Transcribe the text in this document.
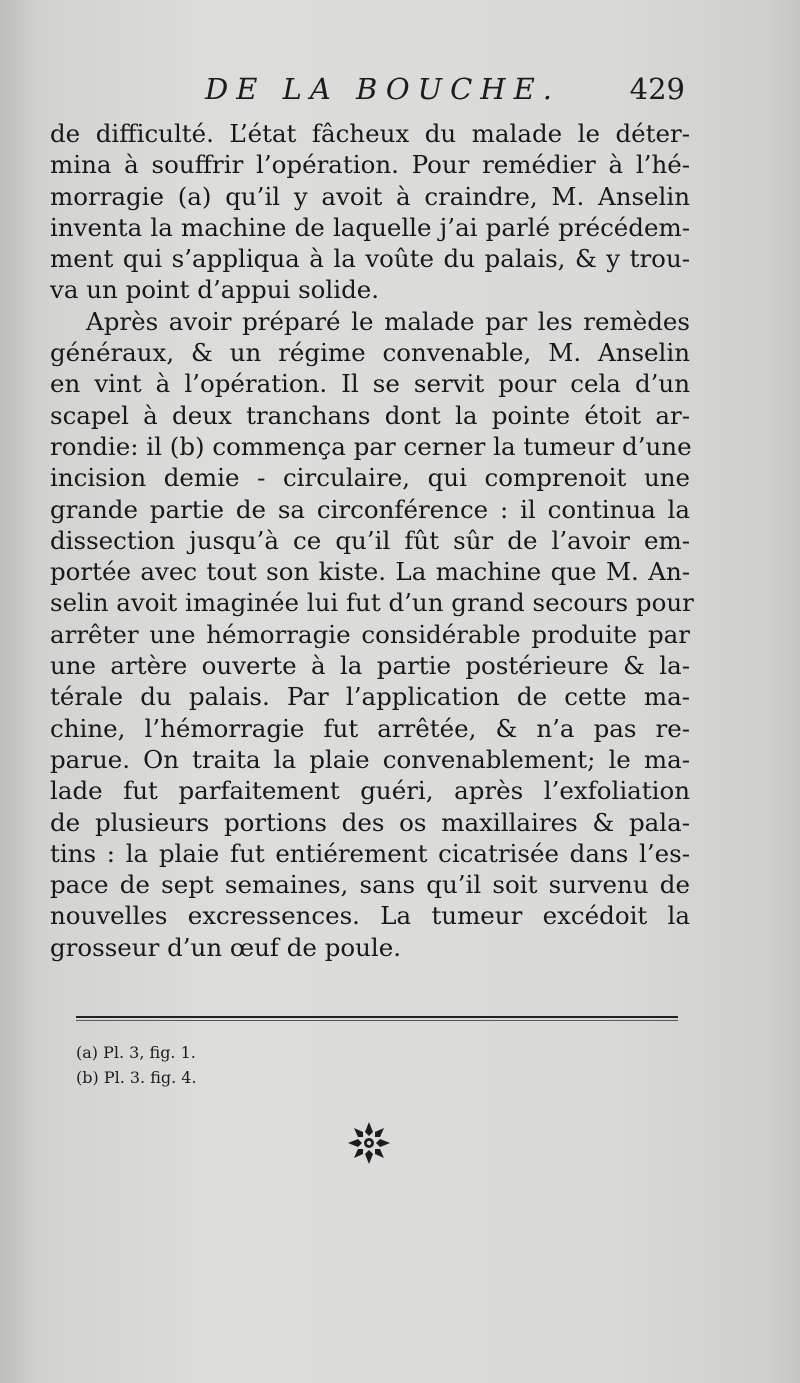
DE LA BOUCHE. 429
de difficulté. L’état fâcheux du malade le déter-
mina à souffrir l’opération. Pour remédier à l’hé-
morragie (a) qu’il y avoit à craindre, M. Anselin
inventa la machine de laquelle j’ai parlé précédem-
ment qui s’appliqua à la voûte du palais, & y trou-
va un point d’appui solide.
Après avoir préparé le malade par les remèdes
généraux, & un régime convenable, M. Anselin
en vint à l’opération. Il se servit pour cela d’un
scapel à deux tranchans dont la pointe étoit ar-
rondie: il (b) commença par cerner la tumeur d’une
incision demie - circulaire, qui comprenoit une
grande partie de sa circonférence : il continua la
dissection jusqu’à ce qu’il fût sûr de l’avoir em-
portée avec tout son kiste. La machine que M. An-
selin avoit imaginée lui fut d’un grand secours pour
arrêter une hémorragie considérable produite par
une artère ouverte à la partie postérieure & la-
térale du palais. Par l’application de cette ma-
chine, l’hémorragie fut arrêtée, & n’a pas re-
parue. On traita la plaie convenablement; le ma-
lade fut parfaitement guéri, après l’exfoliation
de plusieurs portions des os maxillaires & pala-
tins : la plaie fut entiérement cicatrisée dans l’es-
pace de sept semaines, sans qu’il soit survenu de
nouvelles excressences. La tumeur excédoit la
grosseur d’un œuf de poule.
(a) Pl. 3, fig. 1.
(b) Pl. 3. fig. 4.
